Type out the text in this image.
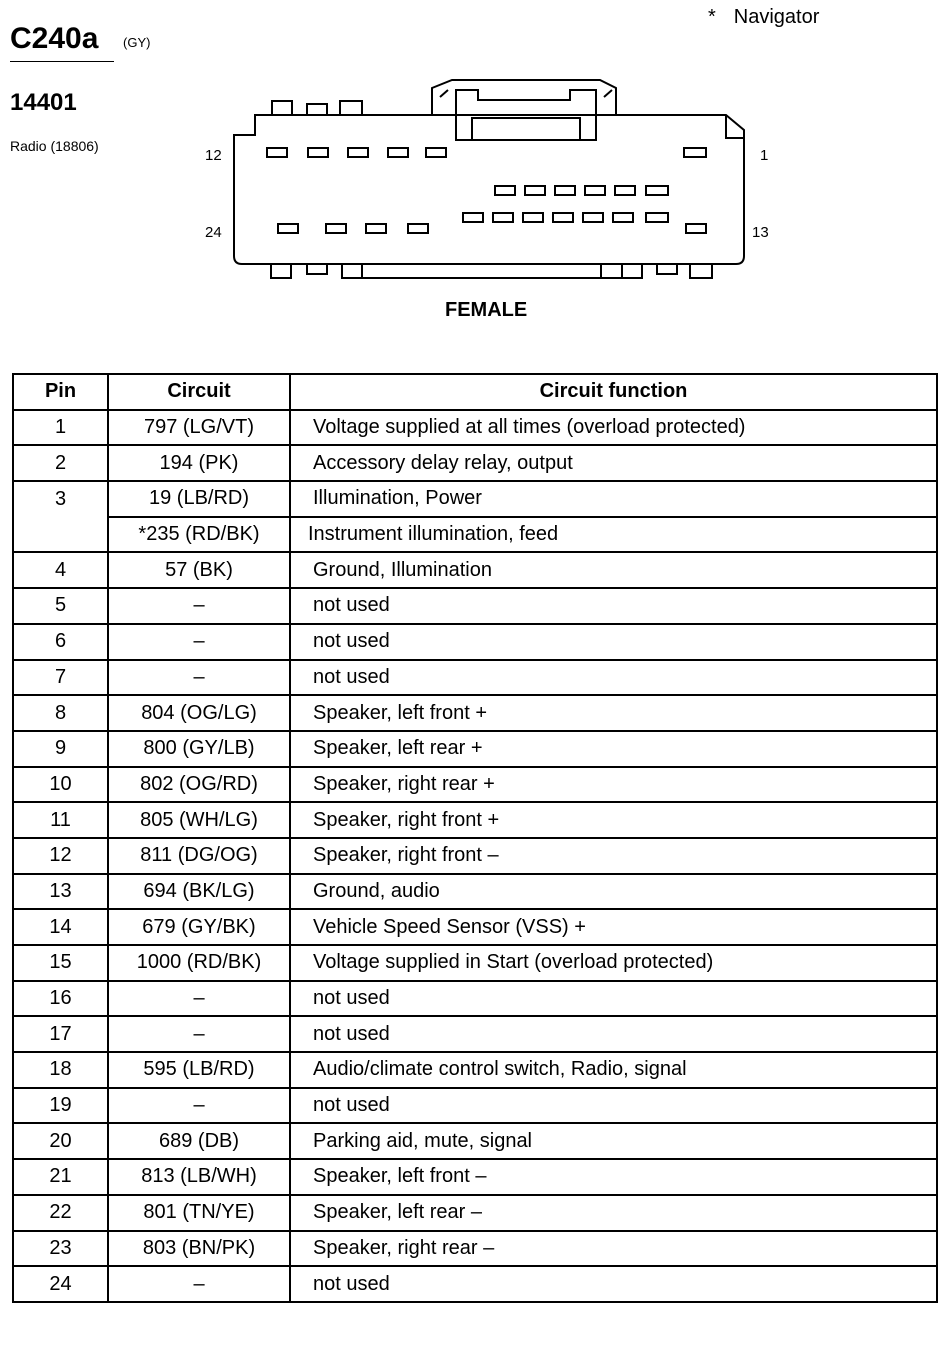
C240a (GY)
14401
Radio (18806)
* Navigator
12	1
24	13
FEMALE
Pin	Circuit	Circuit function
1	797 (LG/VT)	Voltage supplied at all times (overload protected)
2	194 (PK)	Accessory delay relay, output
3	19 (LB/RD)	Illumination, Power
	*235 (RD/BK)	Instrument illumination, feed
4	57 (BK)	Ground, Illumination
5	–	not used
6	–	not used
7	–	not used
8	804 (OG/LG)	Speaker, left front +
9	800 (GY/LB)	Speaker, left rear +
10	802 (OG/RD)	Speaker, right rear +
11	805 (WH/LG)	Speaker, right front +
12	811 (DG/OG)	Speaker, right front –
13	694 (BK/LG)	Ground, audio
14	679 (GY/BK)	Vehicle Speed Sensor (VSS) +
15	1000 (RD/BK)	Voltage supplied in Start (overload protected)
16	–	not used
17	–	not used
18	595 (LB/RD)	Audio/climate control switch, Radio, signal
19	–	not used
20	689 (DB)	Parking aid, mute, signal
21	813 (LB/WH)	Speaker, left front –
22	801 (TN/YE)	Speaker, left rear –
23	803 (BN/PK)	Speaker, right rear –
24	–	not used
